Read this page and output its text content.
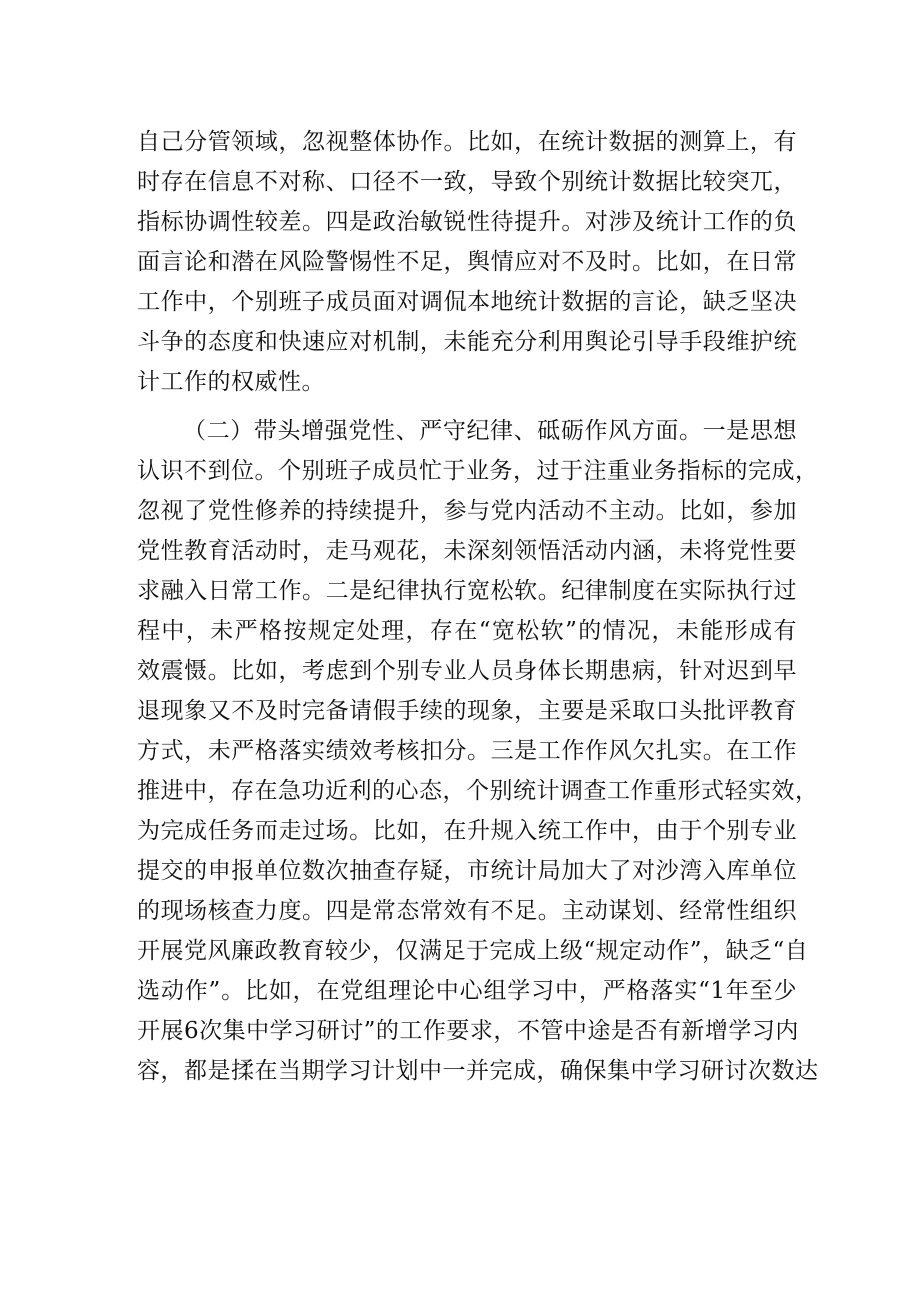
自己分管领域，忽视整体协作。比如，在统计数据的测算上，有
时存在信息不对称、口径不一致，导致个别统计数据比较突兀，
指标协调性较差。四是政治敏锐性待提升。对涉及统计工作的负
面言论和潜在风险警惕性不足，舆情应对不及时。比如，在日常
工作中，个别班子成员面对调侃本地统计数据的言论，缺乏坚决
斗争的态度和快速应对机制，未能充分利用舆论引导手段维护统
计工作的权威性。
（二）带头增强党性、严守纪律、砥砺作风方面。一是思想
认识不到位。个别班子成员忙于业务，过于注重业务指标的完成，
忽视了党性修养的持续提升，参与党内活动不主动。比如，参加
党性教育活动时，走马观花，未深刻领悟活动内涵，未将党性要
求融入日常工作。二是纪律执行宽松软。纪律制度在实际执行过
程中，未严格按规定处理，存在“宽松软”的情况，未能形成有
效震慑。比如，考虑到个别专业人员身体长期患病，针对迟到早
退现象又不及时完备请假手续的现象，主要是采取口头批评教育
方式，未严格落实绩效考核扣分。三是工作作风欠扎实。在工作
推进中，存在急功近利的心态，个别统计调查工作重形式轻实效，
为完成任务而走过场。比如，在升规入统工作中，由于个别专业
提交的申报单位数次抽查存疑，市统计局加大了对沙湾入库单位
的现场核查力度。四是常态常效有不足。主动谋划、经常性组织
开展党风廉政教育较少，仅满足于完成上级“规定动作”，缺乏“自
选动作”。比如，在党组理论中心组学习中，严格落实“1年至少
开展6次集中学习研讨”的工作要求，不管中途是否有新增学习内
容，都是揉在当期学习计划中一并完成，确保集中学习研讨次数达
